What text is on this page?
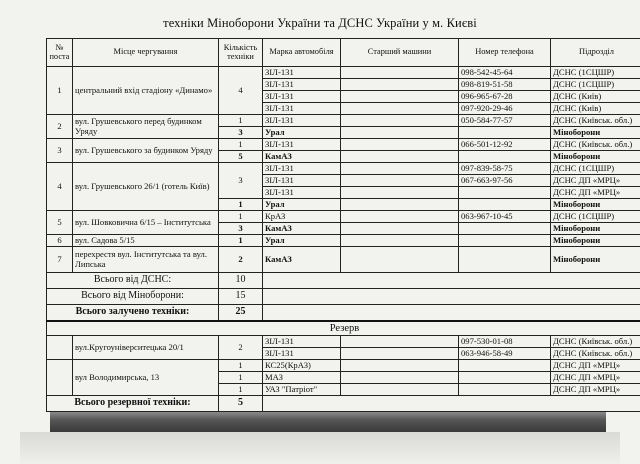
техніки Міноборони України та ДСНС України у м. Києві
№ поста	Місце чергування	Кількість техніки	Марка автомобіля	Старший машини	Номер телефона	Підрозділ
1	центральний вхід стадіону «Динамо»	4	ЗІЛ-131		098-542-45-64	ДСНС (1СЦШР)
			ЗІЛ-131		098-819-51-58	ДСНС (1СЦШР)
			ЗІЛ-131		096-965-67-28	ДСНС (Київ)
			ЗІЛ-131		097-920-29-46	ДСНС (Київ)
2	вул. Грушевського перед будинком Уряду	1	ЗІЛ-131		050-584-77-57	ДСНС (Київськ. обл.)
		3	Урал			Міноборони
3	вул. Грушевського за будинком Уряду	1	ЗІЛ-131		066-501-12-92	ДСНС (Київськ. обл.)
		5	КамАЗ			Міноборони
4	вул. Грушевського 26/1 (готель Київ)	3	ЗІЛ-131		097-839-58-75	ДСНС (1СЦШР)
			ЗІЛ-131		067-663-97-56	ДСНС ДП «МРЦ»
			ЗІЛ-131			ДСНС ДП «МРЦ»
		1	Урал			Міноборони
5	вул. Шовковична 6/15 – Інститутська	1	КрАЗ		063-967-10-45	ДСНС (1СЦШР)
		3	КамАЗ			Міноборони
6	вул. Садова 5/15	1	Урал			Міноборони
7	перехрестя вул. Інститутська та вул. Липська	2	КамАЗ			Міноборони
Всього від ДСНС:		10				
Всього від Міноборони:		15				
Всього залучено техніки:		25				
Резерв						
	вул.Кругоуніверситецька 20/1	2	ЗІЛ-131		097-530-01-08	ДСНС (Київськ. обл.)
			ЗІЛ-131		063-946-58-49	ДСНС (Київськ. обл.)
	вул Володимирська, 13	1	КС25(КрАЗ)			ДСНС ДП «МРЦ»
		1	МАЗ			ДСНС ДП «МРЦ»
		1	УАЗ "Патріот"			ДСНС ДП «МРЦ»
Всього резервної техніки:		5				
